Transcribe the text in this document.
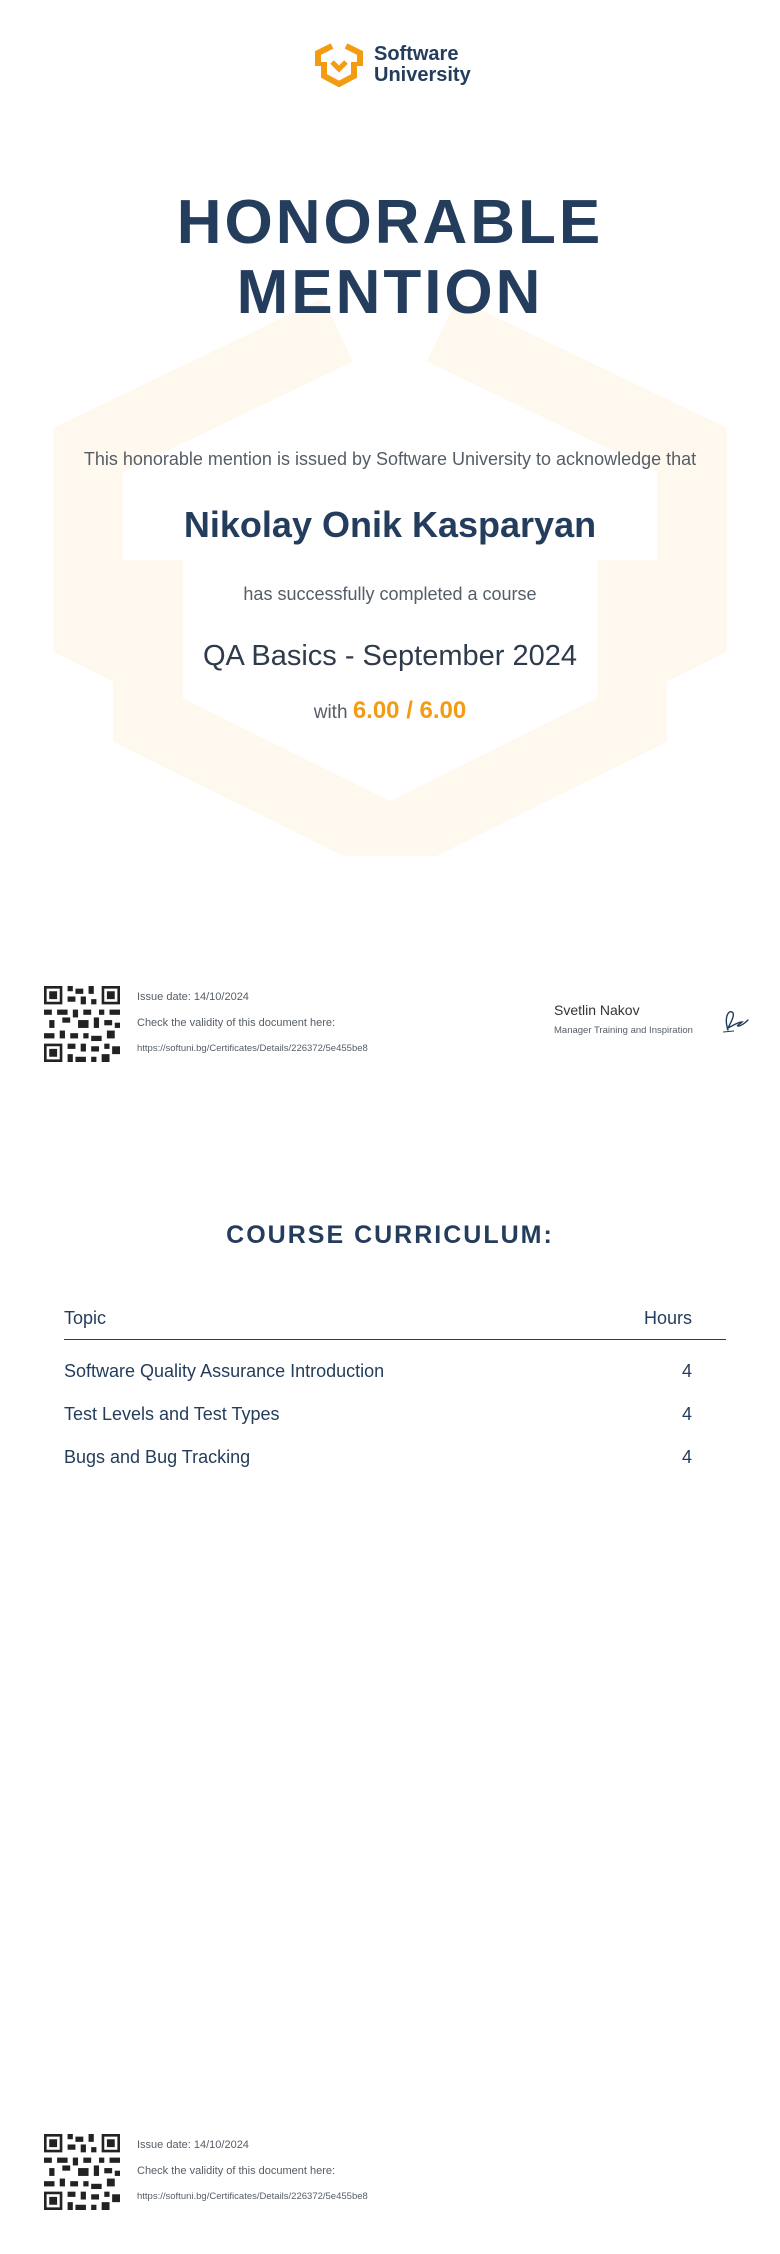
Software
University
HONORABLE
MENTION
This honorable mention is issued by Software University to acknowledge that
Nikolay Onik Kasparyan
has successfully completed a course
QA Basics - September 2024
with 6.00 / 6.00
Issue date: 14/10/2024
Check the validity of this document here:
https://softuni.bg/Certificates/Details/226372/5e455be8
Svetlin Nakov
Manager Training and Inspiration
COURSE CURRICULUM:
Topic	Hours
Software Quality Assurance Introduction	4
Test Levels and Test Types	4
Bugs and Bug Tracking	4
Issue date: 14/10/2024
Check the validity of this document here:
https://softuni.bg/Certificates/Details/226372/5e455be8
